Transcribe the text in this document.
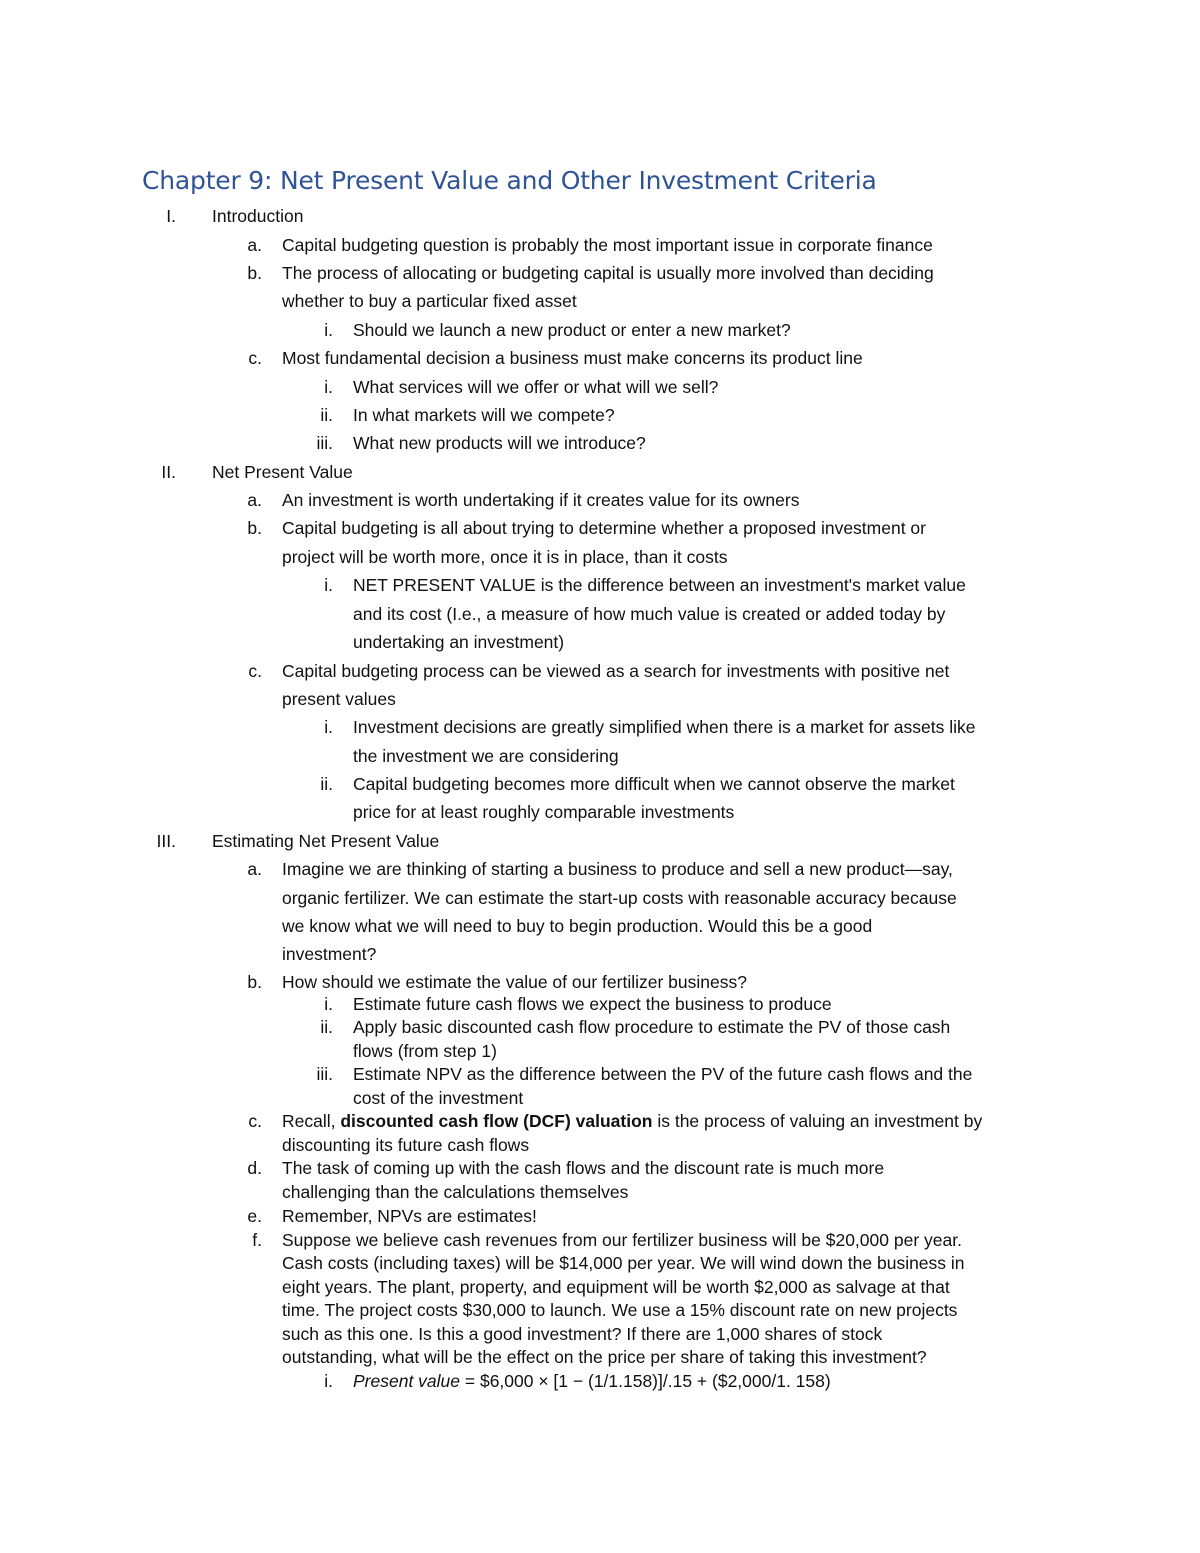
Chapter 9: Net Present Value and Other Investment Criteria
I. Introduction
a. Capital budgeting question is probably the most important issue in corporate finance
b. The process of allocating or budgeting capital is usually more involved than deciding
whether to buy a particular fixed asset
i. Should we launch a new product or enter a new market?
c. Most fundamental decision a business must make concerns its product line
i. What services will we offer or what will we sell?
ii. In what markets will we compete?
iii. What new products will we introduce?
II. Net Present Value
a. An investment is worth undertaking if it creates value for its owners
b. Capital budgeting is all about trying to determine whether a proposed investment or
project will be worth more, once it is in place, than it costs
i. NET PRESENT VALUE is the difference between an investment's market value
and its cost (I.e., a measure of how much value is created or added today by
undertaking an investment)
c. Capital budgeting process can be viewed as a search for investments with positive net
present values
i. Investment decisions are greatly simplified when there is a market for assets like
the investment we are considering
ii. Capital budgeting becomes more difficult when we cannot observe the market
price for at least roughly comparable investments
III. Estimating Net Present Value
a. Imagine we are thinking of starting a business to produce and sell a new product—say,
organic fertilizer. We can estimate the start-up costs with reasonable accuracy because
we know what we will need to buy to begin production. Would this be a good
investment?
b. How should we estimate the value of our fertilizer business?
i. Estimate future cash flows we expect the business to produce
ii. Apply basic discounted cash flow procedure to estimate the PV of those cash
flows (from step 1)
iii. Estimate NPV as the difference between the PV of the future cash flows and the
cost of the investment
c. Recall, discounted cash flow (DCF) valuation is the process of valuing an investment by
discounting its future cash flows
d. The task of coming up with the cash flows and the discount rate is much more
challenging than the calculations themselves
e. Remember, NPVs are estimates!
f. Suppose we believe cash revenues from our fertilizer business will be $20,000 per year.
Cash costs (including taxes) will be $14,000 per year. We will wind down the business in
eight years. The plant, property, and equipment will be worth $2,000 as salvage at that
time. The project costs $30,000 to launch. We use a 15% discount rate on new projects
such as this one. Is this a good investment? If there are 1,000 shares of stock
outstanding, what will be the effect on the price per share of taking this investment?
i. Present value = $6,000 × [1 − (1/1.158)]/.15 + ($2,000/1. 158)
